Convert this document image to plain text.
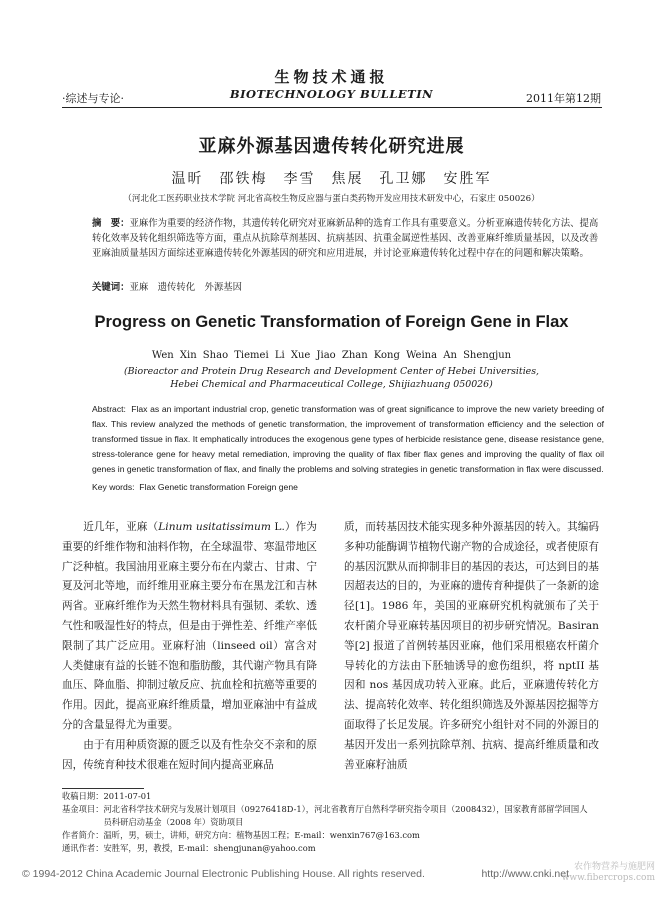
生物技术通报
·综述与专论·	BIOTECHNOLOGY BULLETIN	2011年第12期
亚麻外源基因遗传转化研究进展
温昕　邵铁梅　李雪　焦展　孔卫娜　安胜军
（河北化工医药职业技术学院 河北省高校生物反应器与蛋白类药物开发应用技术研发中心，石家庄 050026）
摘　要：亚麻作为重要的经济作物，其遗传转化研究对亚麻新品种的选育工作具有重要意义。分析亚麻遗传转化方法、提高转化效率及转化组织筛选等方面，重点从抗除草剂基因、抗病基因、抗重金属逆性基因、改善亚麻纤维质量基因，以及改善亚麻油质量基因方面综述亚麻遗传转化外源基因的研究和应用进展，并讨论亚麻遗传转化过程中存在的问题和解决策略。
关键词：亚麻　遗传转化　外源基因
Progress on Genetic Transformation of Foreign Gene in Flax
Wen Xin Shao Tiemei Li Xue Jiao Zhan Kong Weina An Shengjun
(Bioreactor and Protein Drug Research and Development Center of Hebei Universities,
Hebei Chemical and Pharmaceutical College, Shijiazhuang 050026)
Abstract: Flax as an important industrial crop, genetic transformation was of great significance to improve the new variety breeding of flax. This review analyzed the methods of genetic transformation, the improvement of transformation efficiency and the selection of transformed tissue in flax. It emphatically introduces the exogenous gene types of herbicide resistance gene, disease resistance gene, stress-tolerance gene for heavy metal remediation, improving the quality of flax fiber flax genes and improving the quality of flax oil genes in genetic transformation of flax, and finally the problems and solving strategies in genetic transformation in flax were discussed.
Key words: Flax Genetic transformation Foreign gene
近几年，亚麻（Linum usitatissimum L.）作为重要的纤维作物和油料作物，在全球温带、寒温带地区广泛种植。我国油用亚麻主要分布在内蒙古、甘肃、宁夏及河北等地，而纤维用亚麻主要分布在黑龙江和吉林两省。亚麻纤维作为天然生物材料具有强韧、柔软、透气性和吸湿性好的特点，但是由于弹性差、纤维产率低限制了其广泛应用。亚麻籽油（linseed oil）富含对人类健康有益的长链不饱和脂肪酸，其代谢产物具有降血压、降血脂、抑制过敏反应、抗血栓和抗癌等重要的作用。因此，提高亚麻纤维质量，增加亚麻油中有益成分的含量显得尤为重要。
由于有用种质资源的匮乏以及有性杂交不亲和的原因，传统育种技术很难在短时间内提高亚麻品
质，而转基因技术能实现多种外源基因的转入。其编码多种功能酶调节植物代谢产物的合成途径，或者使原有的基因沉默从而抑制非目的基因的表达，可达到目的基因超表达的目的，为亚麻的遗传育种提供了一条新的途径[1]。1986 年，美国的亚麻研究机构就颁布了关于农杆菌介导亚麻转基因项目的初步研究情况。Basiran 等[2] 报道了首例转基因亚麻，他们采用根癌农杆菌介导转化的方法由下胚轴诱导的愈伤组织，将 nptII 基因和 nos 基因成功转入亚麻。此后，亚麻遗传转化方法、提高转化效率、转化组织筛选及外源基因挖掘等方面取得了长足发展。许多研究小组针对不同的外源目的基因开发出一系列抗除草剂、抗病、提高纤维质量和改善亚麻籽油质
收稿日期：2011-07-01
基金项目：河北省科学技术研究与发展计划项目（09276418D-1），河北省教育厅自然科学研究指令项目（2008432），国家教育部留学回国人
　　　　　员科研启动基金（2008 年）资助项目
作者简介：温昕，男，硕士，讲师，研究方向：植物基因工程；E-mail：wenxin767@163.com
通讯作者：安胜军，男，教授，E-mail：shengjunan@yahoo.com
© 1994-2012 China Academic Journal Electronic Publishing House. All rights reserved.	http://www.cnki.net
农作物营养与施肥网
www.fibercrops.com
